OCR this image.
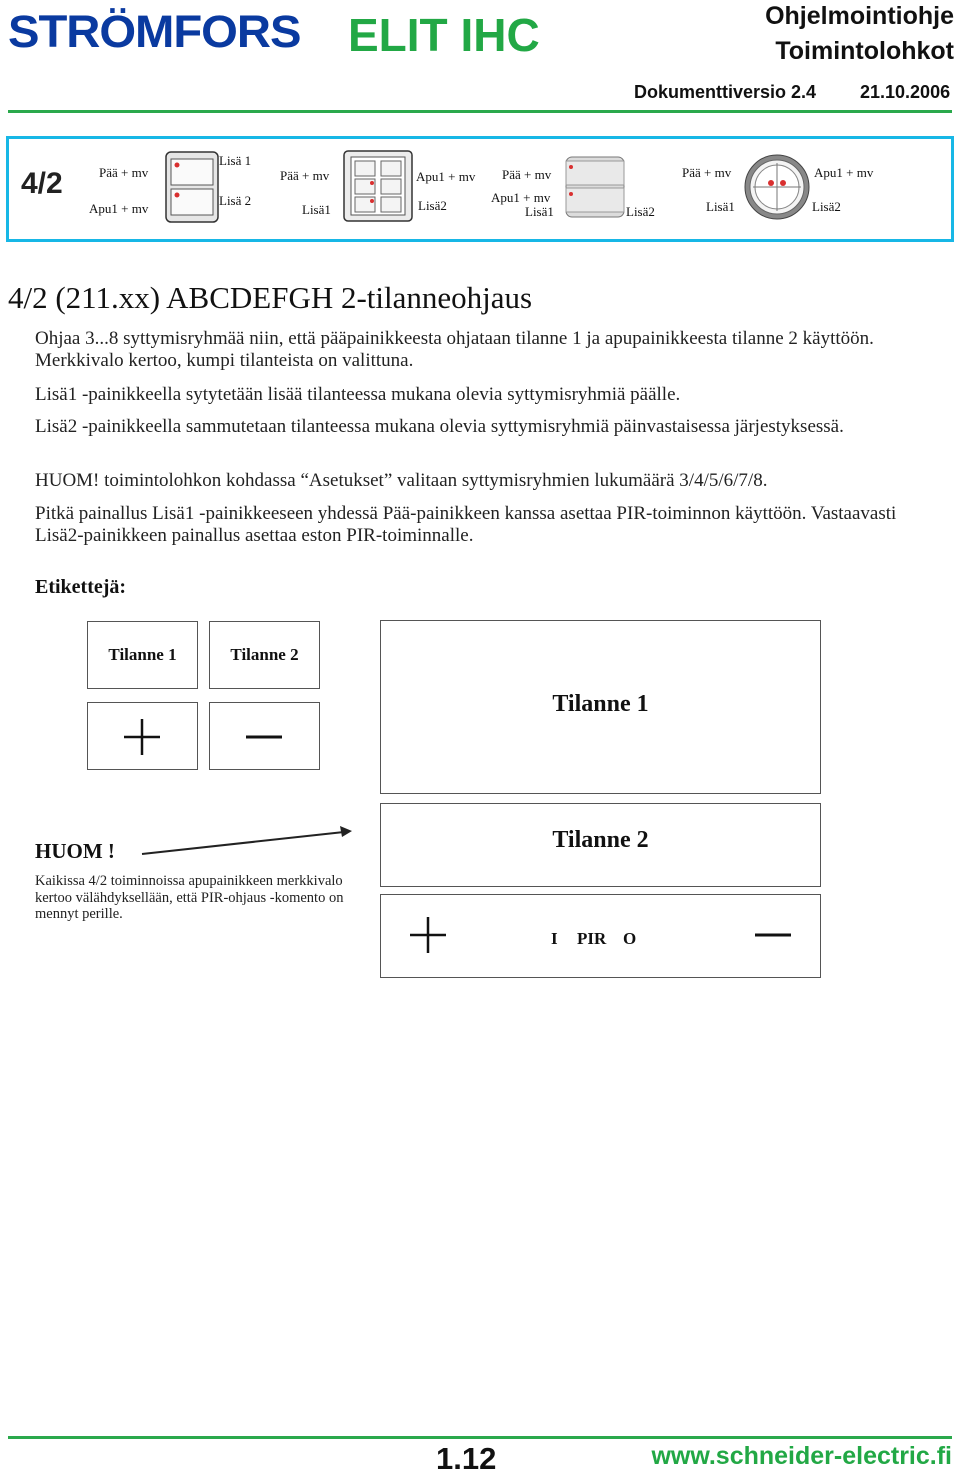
STRÖMFORS ELIT IHC	Ohjelmointiohje
Toimintolohkot
Dokumenttiversio 2.4 21.10.2006
4/2	Pää + mv
Apu1 + mv
Lisä 1
Lisä 2
Pää + mv
Lisä1
Apu1 + mv
Lisä2
Pää + mv
Apu1 + mv
Lisä1	Lisä2
Pää + mv
Lisä1
Apu1 + mv
Lisä2
4/2 (211.xx) ABCDEFGH 2-tilanneohjaus
Ohjaa 3...8 syttymisryhmää niin, että pääpainikkeesta ohjataan tilanne 1 ja apupainikkeesta tilanne 2 käyttöön. Merkkivalo kertoo, kumpi tilanteista on valittuna.
Lisä1 -painikkeella sytytetään lisää tilanteessa mukana olevia syttymisryhmiä päälle.
Lisä2 -painikkeella sammutetaan tilanteessa mukana olevia syttymisryhmiä päinvastaisessa järjestyksessä.
HUOM! toimintolohkon kohdassa “Asetukset” valitaan syttymisryhmien lukumäärä 3/4/5/6/7/8.
Pitkä painallus Lisä1 -painikkeeseen yhdessä Pää-painikkeen kanssa asettaa PIR-toiminnon käyttöön. Vastaavasti Lisä2-painikkeen painallus asettaa eston PIR-toiminnalle.
Etikettejä:
Tilanne 1	Tilanne 2
Tilanne 1
Tilanne 2
I PIR O
HUOM !
Kaikissa 4/2 toiminnoissa apupainikkeen merkkivalo kertoo välähdyksellään, että PIR-ohjaus -komento on mennyt perille.
1.12	www.schneider-electric.fi
